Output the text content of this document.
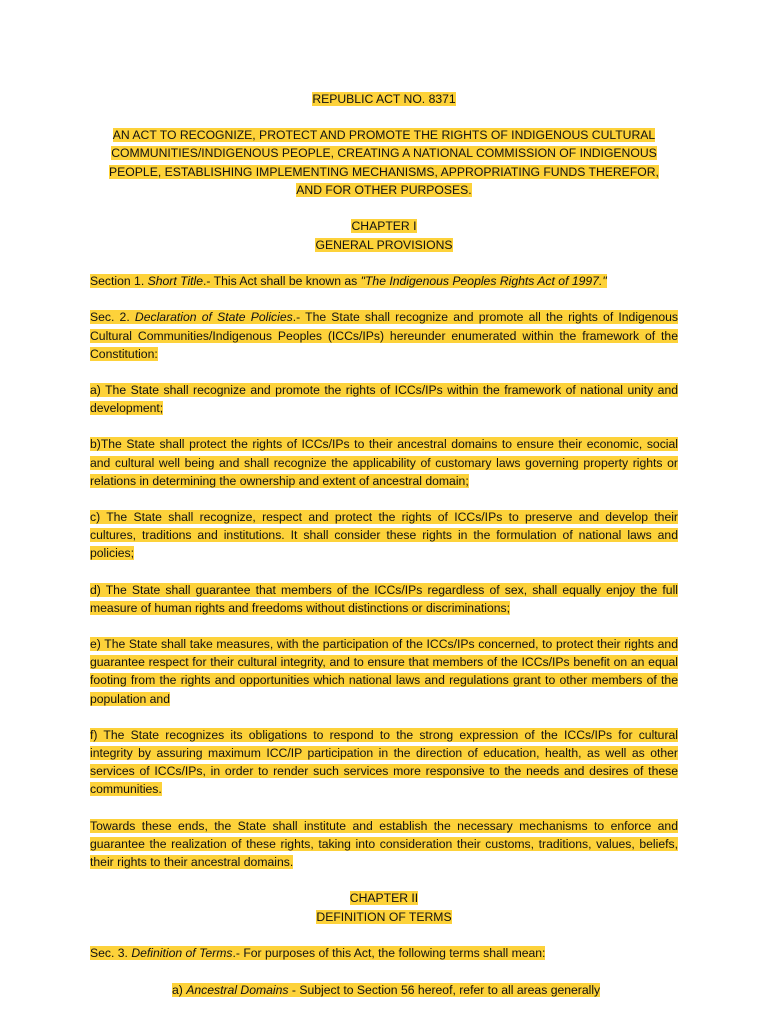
REPUBLIC ACT NO. 8371
AN ACT TO RECOGNIZE, PROTECT AND PROMOTE THE RIGHTS OF INDIGENOUS CULTURAL COMMUNITIES/INDIGENOUS PEOPLE, CREATING A NATIONAL COMMISSION OF INDIGENOUS PEOPLE, ESTABLISHING IMPLEMENTING MECHANISMS, APPROPRIATING FUNDS THEREFOR, AND FOR OTHER PURPOSES.
CHAPTER I
GENERAL PROVISIONS

Section 1. Short Title.- This Act shall be known as "The Indigenous Peoples Rights Act of 1997."

Sec. 2. Declaration of State Policies.- The State shall recognize and promote all the rights of Indigenous Cultural Communities/Indigenous Peoples (ICCs/IPs) hereunder enumerated within the framework of the Constitution:

a) The State shall recognize and promote the rights of ICCs/IPs within the framework of national unity and development;

b)The State shall protect the rights of ICCs/IPs to their ancestral domains to ensure their economic, social and cultural well being and shall recognize the applicability of customary laws governing property rights or relations in determining the ownership and extent of ancestral domain;

c) The State shall recognize, respect and protect the rights of ICCs/IPs to preserve and develop their cultures, traditions and institutions. It shall consider these rights in the formulation of national laws and policies;

d) The State shall guarantee that members of the ICCs/IPs regardless of sex, shall equally enjoy the full measure of human rights and freedoms without distinctions or discriminations;

e) The State shall take measures, with the participation of the ICCs/IPs concerned, to protect their rights and guarantee respect for their cultural integrity, and to ensure that members of the ICCs/IPs benefit on an equal footing from the rights and opportunities which national laws and regulations grant to other members of the population and

f) The State recognizes its obligations to respond to the strong expression of the ICCs/IPs for cultural integrity by assuring maximum ICC/IP participation in the direction of education, health, as well as other services of ICCs/IPs, in order to render such services more responsive to the needs and desires of these communities.

Towards these ends, the State shall institute and establish the necessary mechanisms to enforce and guarantee the realization of these rights, taking into consideration their customs, traditions, values, beliefs, their rights to their ancestral domains.

CHAPTER II
DEFINITION OF TERMS

Sec. 3. Definition of Terms.- For purposes of this Act, the following terms shall mean:

a) Ancestral Domains - Subject to Section 56 hereof, refer to all areas generally
